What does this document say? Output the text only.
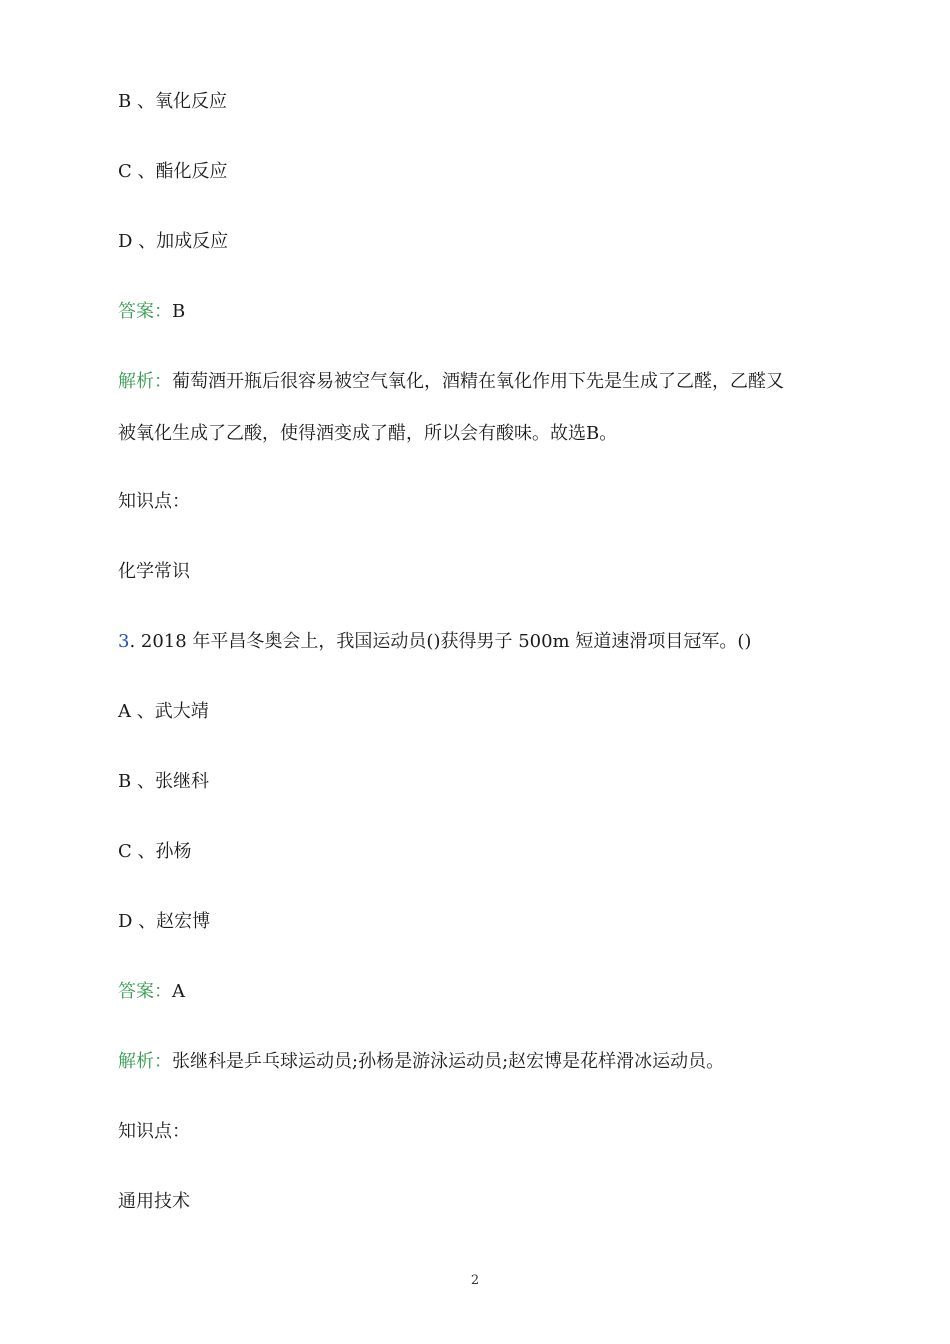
B 、氧化反应
C 、酯化反应
D 、加成反应
答案：B
解析：葡萄酒开瓶后很容易被空气氧化，酒精在氧化作用下先是生成了乙醛，乙醛又
被氧化生成了乙酸，使得酒变成了醋，所以会有酸味。故选B。
知识点：
化学常识
3. 2018 年平昌冬奥会上，我国运动员()获得男子 500m 短道速滑项目冠军。()
A 、武大靖
B 、张继科
C 、孙杨
D 、赵宏博
答案：A
解析：张继科是乒乓球运动员;孙杨是游泳运动员;赵宏博是花样滑冰运动员。
知识点：
通用技术
2
